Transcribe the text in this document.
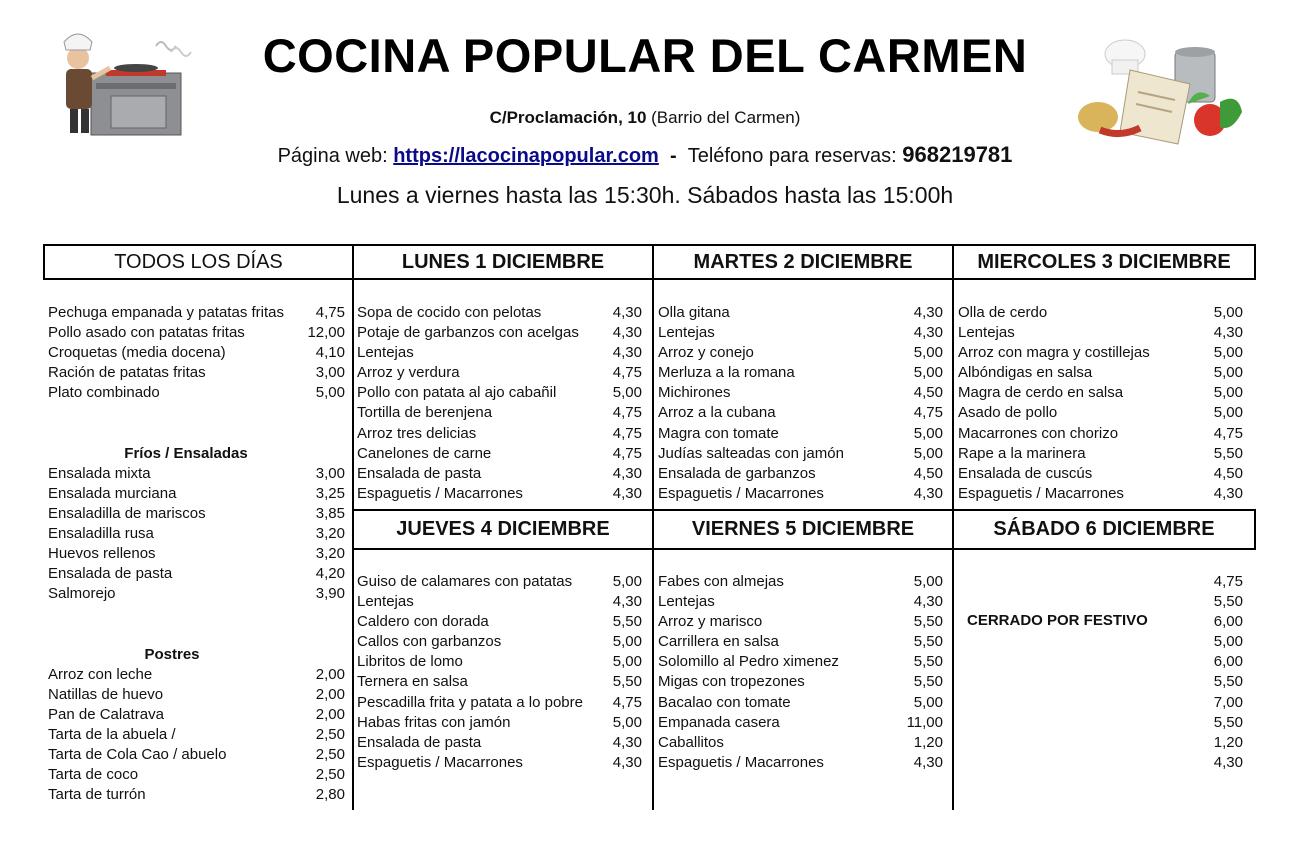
COCINA POPULAR DEL CARMEN
C/Proclamación, 10 (Barrio del Carmen)
Página web: https://lacocinapopular.com  -  Teléfono para reservas: 968219781
Lunes a viernes hasta las 15:30h. Sábados hasta las 15:00h
TODOS LOS DÍAS	LUNES 1 DICIEMBRE	MARTES 2 DICIEMBRE	MIERCOLES 3 DICIEMBRE
JUEVES 4 DICIEMBRE	VIERNES 5 DICIEMBRE	SÁBADO 6 DICIEMBRE
Pechuga empanada y patatas fritas 4,75
Pollo asado con patatas fritas	12,00
Croquetas (media docena)	4,10
Ración de patatas fritas	3,00
Plato combinado	5,00
Fríos / Ensaladas
Ensalada mixta	3,00
Ensalada murciana	3,25
Ensaladilla de mariscos	3,85
Ensaladilla rusa	3,20
Huevos rellenos	3,20
Ensalada de pasta	4,20
Salmorejo	3,90
Postres
Arroz con leche	2,00
Natillas de huevo	2,00
Pan de Calatrava	2,00
Tarta de la abuela /	2,50
Tarta de Cola Cao / abuelo	2,50
Tarta de coco	2,50
Tarta de turrón	2,80
Sopa de cocido con pelotas	4,30
Potaje de garbanzos con acelgas 4,30
Lentejas	4,30
Arroz y verdura	4,75
Pollo con patata al ajo cabañil	5,00
Tortilla de berenjena	4,75
Arroz tres delicias	4,75
Canelones de carne	4,75
Ensalada de pasta	4,30
Espaguetis / Macarrones	4,30
Olla gitana	4,30
Lentejas	4,30
Arroz y conejo	5,00
Merluza a la romana	5,00
Michirones	4,50
Arroz a la cubana	4,75
Magra con tomate	5,00
Judías salteadas con jamón	5,00
Ensalada de garbanzos	4,50
Espaguetis / Macarrones	4,30
Olla de cerdo	5,00
Lentejas	4,30
Arroz con magra y costillejas	5,00
Albóndigas en salsa	5,00
Magra de cerdo en salsa	5,00
Asado de pollo	5,00
Macarrones con chorizo	4,75
Rape a la marinera	5,50
Ensalada de cuscús	4,50
Espaguetis / Macarrones	4,30
Guiso de calamares con patatas	5,00
Lentejas	4,30
Caldero con dorada	5,50
Callos con garbanzos	5,00
Libritos de lomo	5,00
Ternera en salsa	5,50
Pescadilla frita y patata a lo pobre 4,75
Habas fritas con jamón	5,00
Ensalada de pasta	4,30
Espaguetis / Macarrones	4,30
Fabes con almejas	5,00
Lentejas	4,30
Arroz y marisco	5,50
Carrillera en salsa	5,50
Solomillo al Pedro ximenez	5,50
Migas con tropezones	5,50
Bacalao con tomate	5,00
Empanada casera	11,00
Caballitos	1,20
Espaguetis / Macarrones	4,30
4,75
5,50
6,00
5,00
6,00
5,50
7,00
5,50
1,20
4,30
CERRADO POR FESTIVO
